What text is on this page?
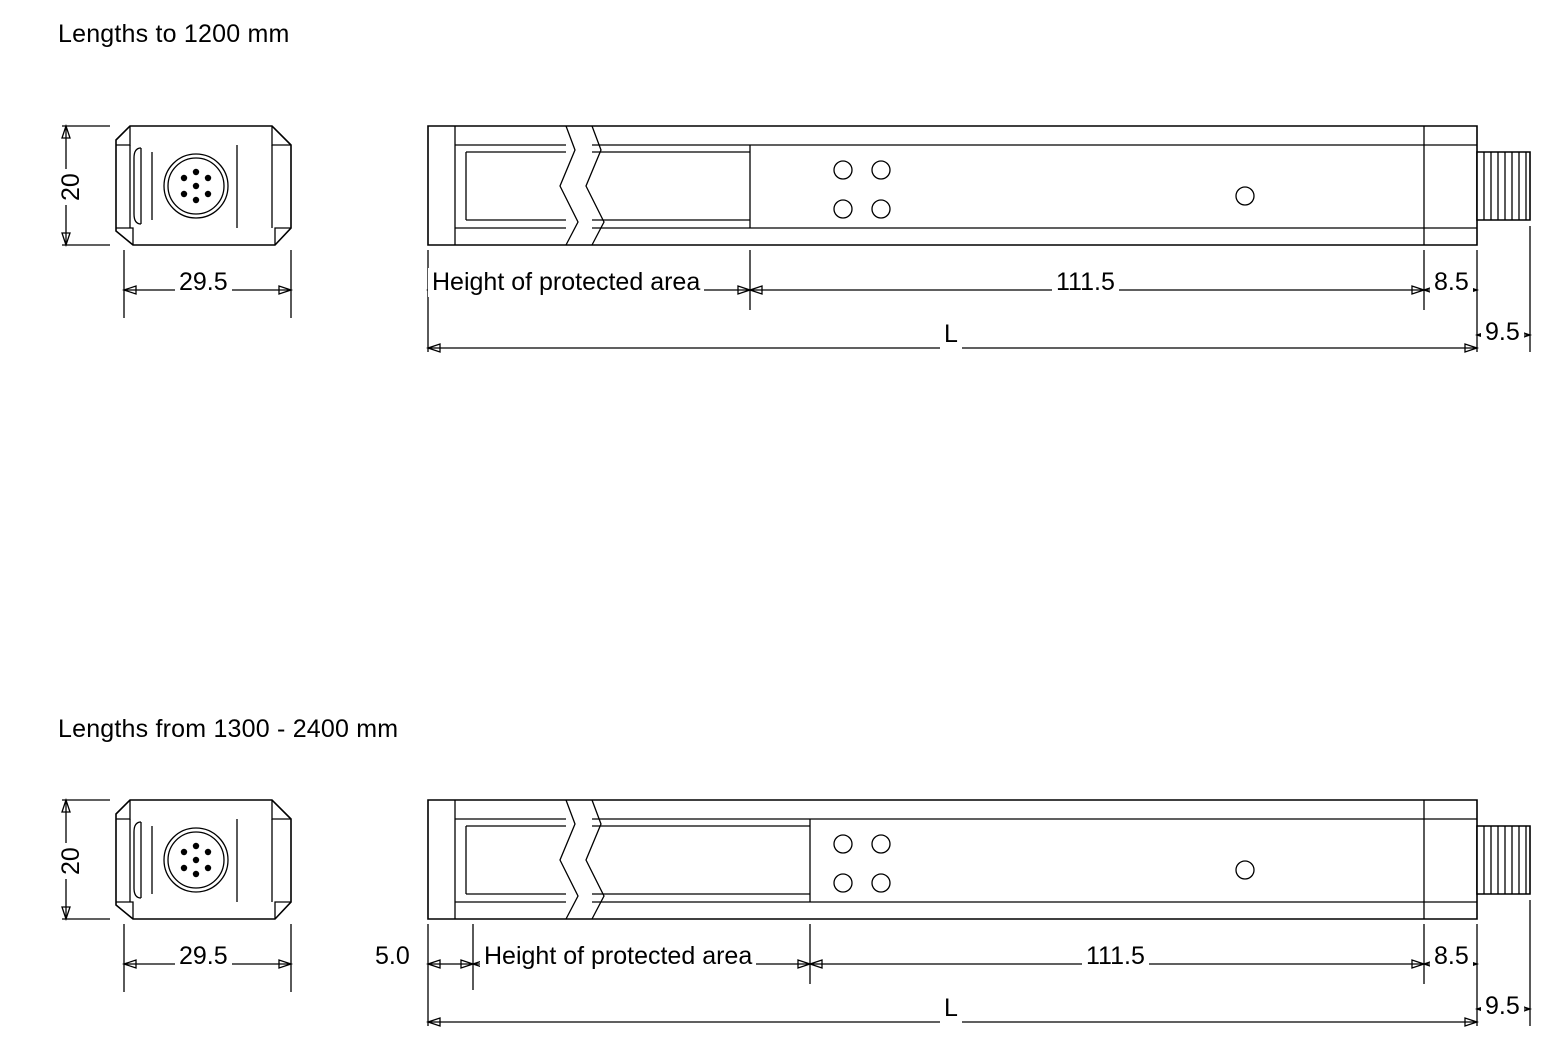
Lengths to 1200 mm
20
29.5	Height of protected area	111.5	8.5
L	9.5
Lengths from 1300 - 2400 mm
20
29.5	5.0	Height of protected area	111.5	8.5
L	9.5
